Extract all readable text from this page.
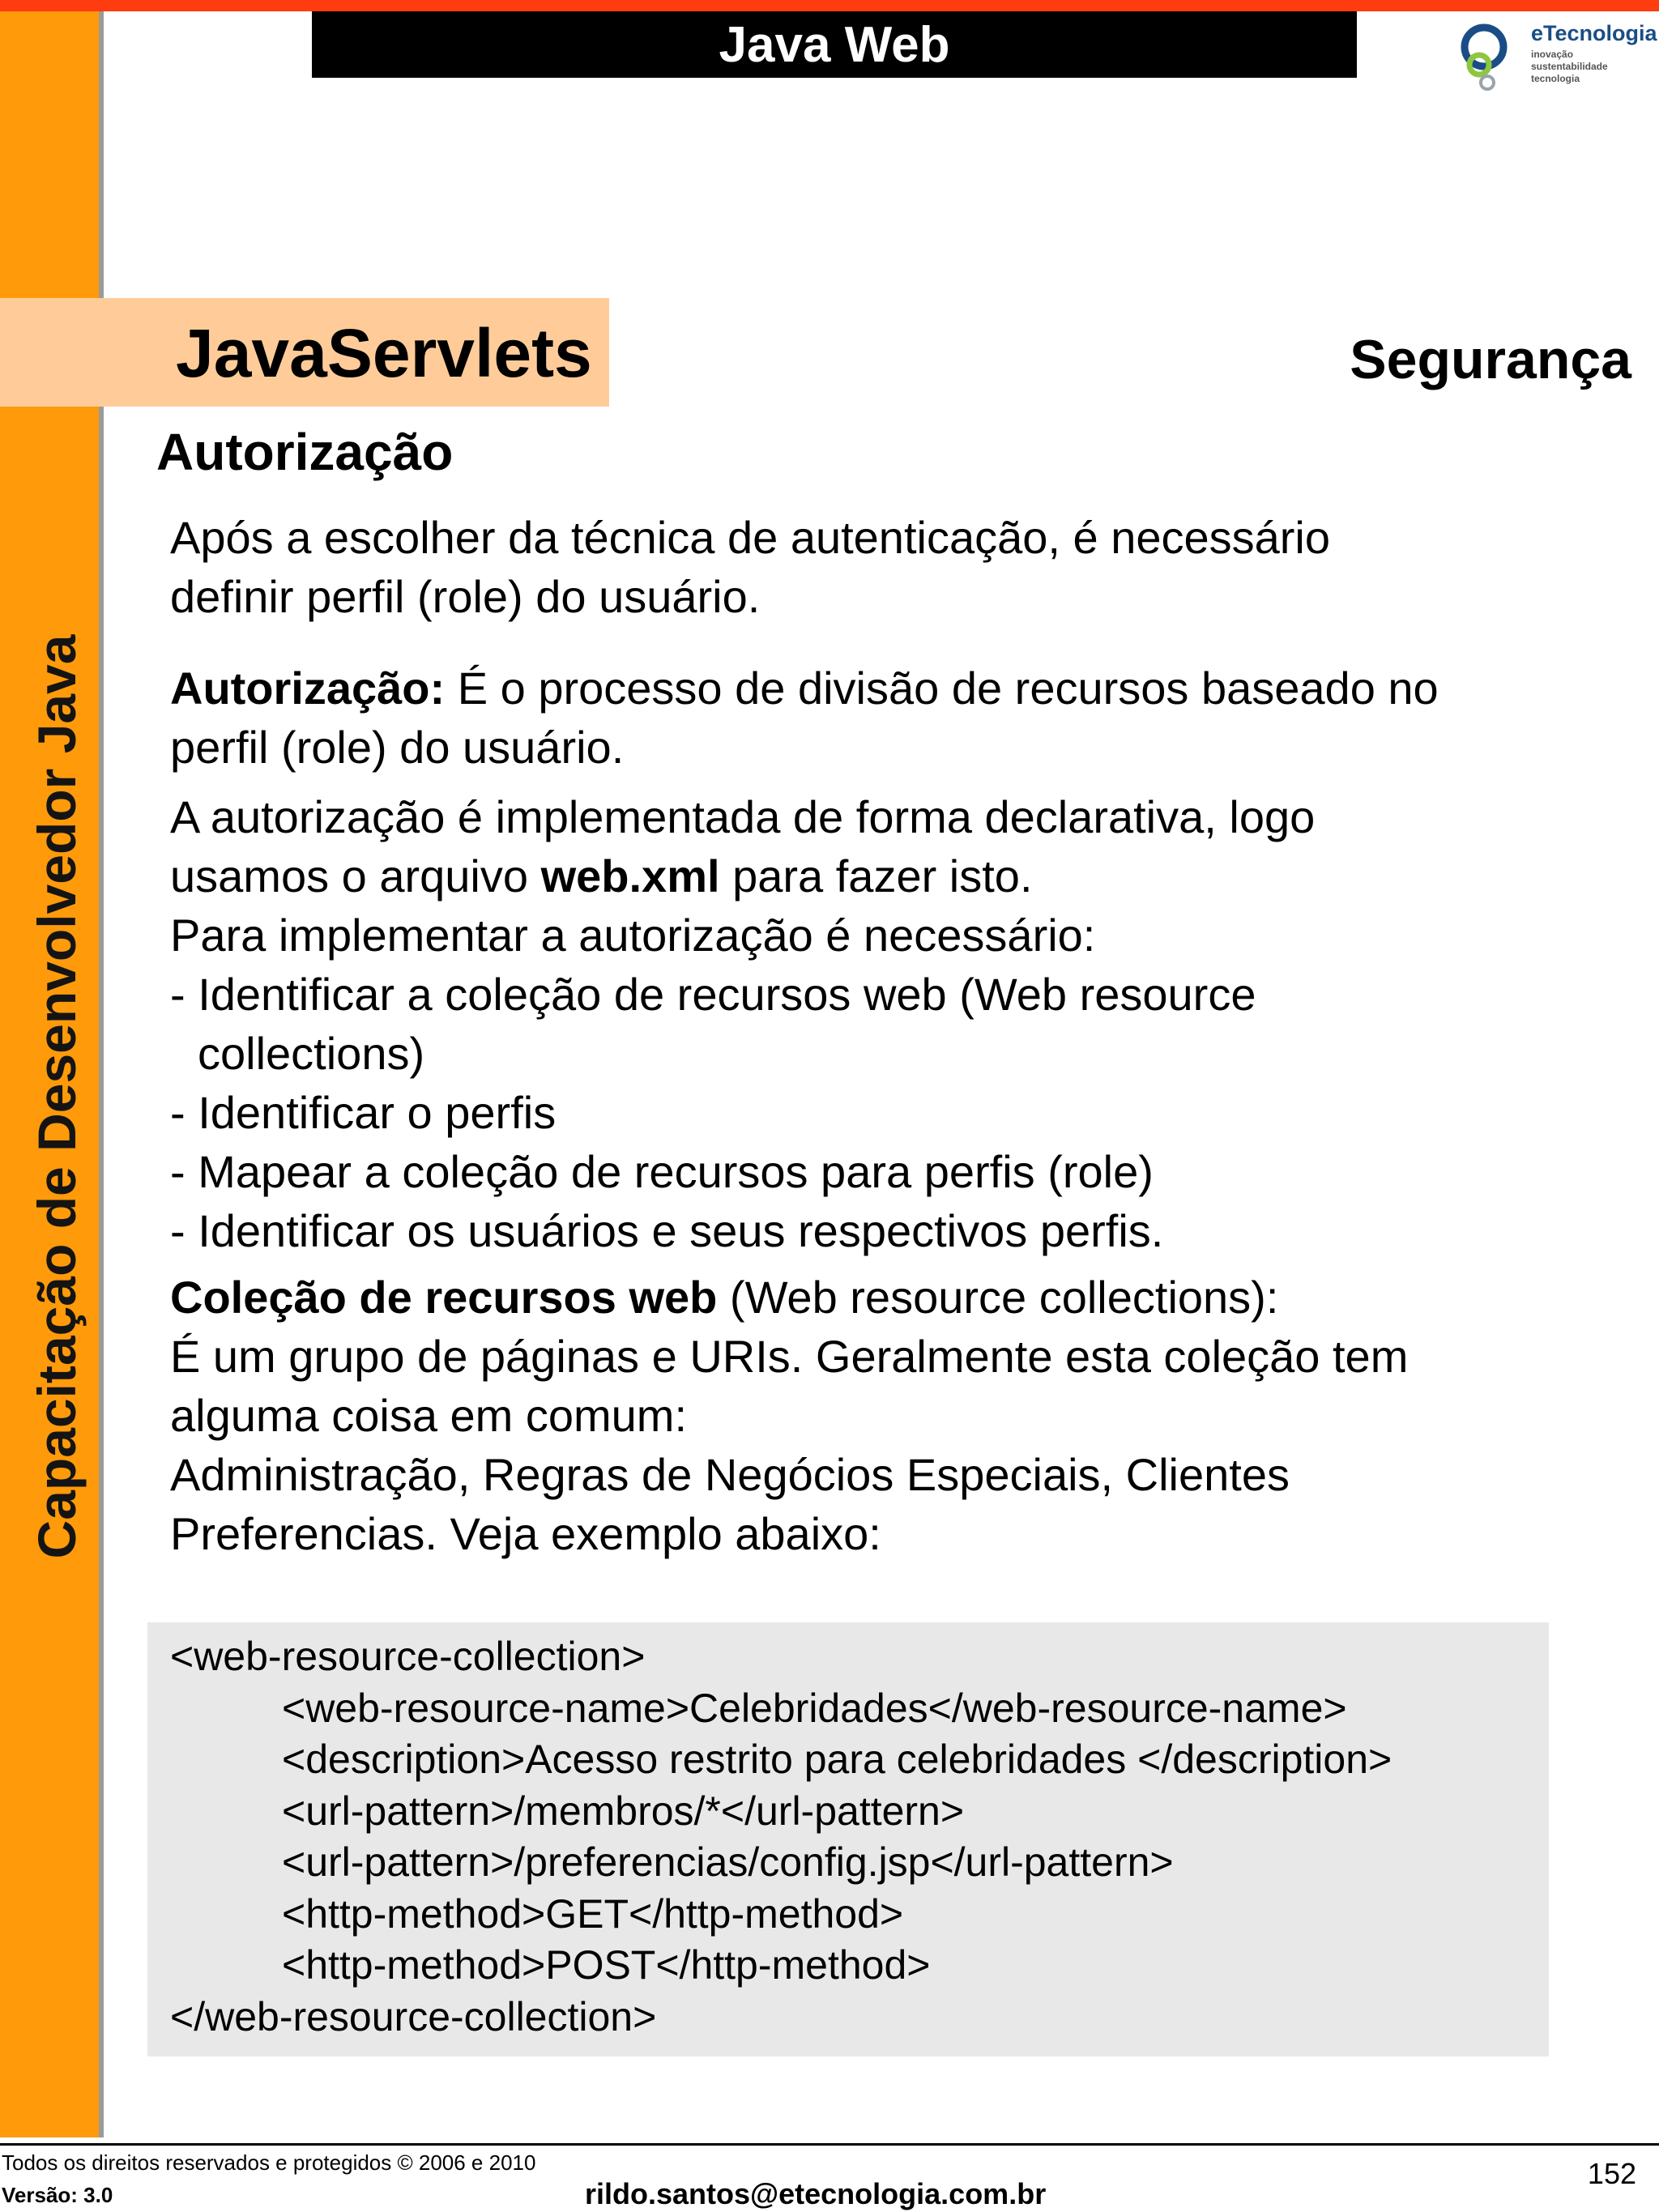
Capacitação de Desenvolvedor Java
Java Web	eTecnologia
inovação
sustentabilidade
tecnologia
JavaServlets	Segurança
Autorização
Após a escolher da técnica de autenticação, é necessário
definir perfil (role) do usuário.
Autorização: É o processo de divisão de recursos baseado no
perfil (role) do usuário.
A autorização é implementada de forma declarativa, logo
usamos o arquivo web.xml para fazer isto.
Para implementar a autorização é necessário:
- Identificar a coleção de recursos web (Web resource
collections)
- Identificar o perfis
- Mapear a coleção de recursos para perfis (role)
- Identificar os usuários e seus respectivos perfis.
Coleção de recursos web (Web resource collections):
É um grupo de páginas e URIs. Geralmente esta coleção tem
alguma coisa em comum:
Administração, Regras de Negócios Especiais, Clientes
Preferencias. Veja exemplo abaixo:
<web-resource-collection>
<web-resource-name>Celebridades</web-resource-name>
<description>Acesso restrito para celebridades </description>
<url-pattern>/membros/*</url-pattern>
<url-pattern>/preferencias/config.jsp</url-pattern>
<http-method>GET</http-method>
<http-method>POST</http-method>
</web-resource-collection>
Todos os direitos reservados e protegidos © 2006 e 2010
Versão: 3.0	rildo.santos@etecnologia.com.br
152
